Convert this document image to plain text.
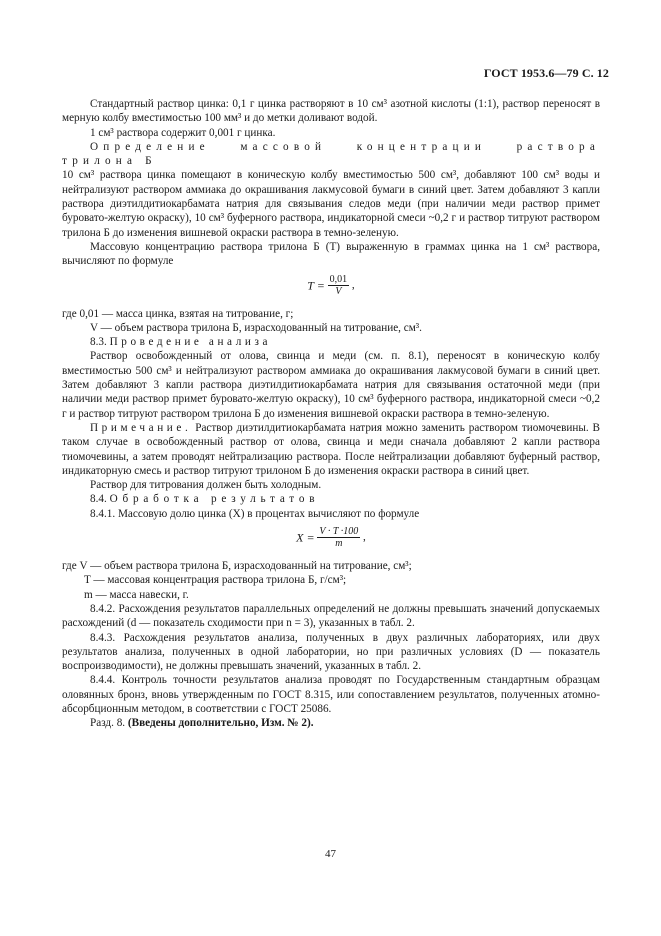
ГОСТ 1953.6—79 С. 12

Стандартный раствор цинка: 0,1 г цинка растворяют в 10 см³ азотной кислоты (1:1), раствор переносят в мерную колбу вместимостью 100 мм³ и до метки доливают водой.

1 см³ раствора содержит 0,001 г цинка.

Определение массовой концентрации раствора трилона Б

10 см³ раствора цинка помещают в коническую колбу вместимостью 500 см³, добавляют 100 см³ воды и нейтрализуют раствором аммиака до окрашивания лакмусовой бумаги в синий цвет. Затем добавляют 3 капли раствора диэтилдитиокарбамата натрия для связывания следов меди (при наличии меди раствор примет буровато-желтую окраску), 10 см³ буферного раствора, индикаторной смеси ~0,2 г и раствор титруют раствором трилона Б до изменения вишневой окраски раствора в темно-зеленую.

Массовую концентрацию раствора трилона Б (Т) выраженную в граммах цинка на 1 см³ раствора, вычисляют по формуле

$T = \frac{0,01}{V}$ ,

где 0,01 — масса цинка, взятая на титрование, г;

V — объем раствора трилона Б, израсходованный на титрование, см³.

8.3. Проведение анализа

Раствор освобожденный от олова, свинца и меди (см. п. 8.1), переносят в коническую колбу вместимостью 500 см³ и нейтрализуют раствором аммиака до окрашивания лакмусовой бумаги в синий цвет. Затем добавляют 3 капли раствора диэтилдитиокарбамата натрия для связывания остаточной меди (при наличии меди раствор примет буровато-желтую окраску), 10 см³ буферного раствора, индикаторной смеси ~0,2 г и раствор титруют раствором трилона Б до изменения вишневой окраски раствора в темно-зеленую.

Примечание. Раствор диэтилдитиокарбамата натрия можно заменить раствором тиомочевины. В таком случае в освобожденный раствор от олова, свинца и меди сначала добавляют 2 капли раствора тиомочевины, а затем проводят нейтрализацию раствора. После нейтрализации добавляют буферный раствор, индикаторную смесь и раствор титруют трилоном Б до изменения окраски раствора в синий цвет.

Раствор для титрования должен быть холодным.

8.4. Обработка результатов

8.4.1. Массовую долю цинка (X) в процентах вычисляют по формуле

$X = \frac{V \cdot T \cdot 100}{m}$ ,

где V — объем раствора трилона Б, израсходованный на титрование, см³;

T — массовая концентрация раствора трилона Б, г/см³;

m — масса навески, г.

8.4.2. Расхождения результатов параллельных определений не должны превышать значений допускаемых расхождений (d — показатель сходимости при n = 3), указанных в табл. 2.

8.4.3. Расхождения результатов анализа, полученных в двух различных лабораториях, или двух результатов анализа, полученных в одной лаборатории, но при различных условиях (D — показатель воспроизводимости), не должны превышать значений, указанных в табл. 2.

8.4.4. Контроль точности результатов анализа проводят по Государственным стандартным образцам оловянных бронз, вновь утвержденным по ГОСТ 8.315, или сопоставлением результатов, полученных атомно-абсорбционным методом, в соответствии с ГОСТ 25086.

Разд. 8. (Введены дополнительно, Изм. № 2).

47
